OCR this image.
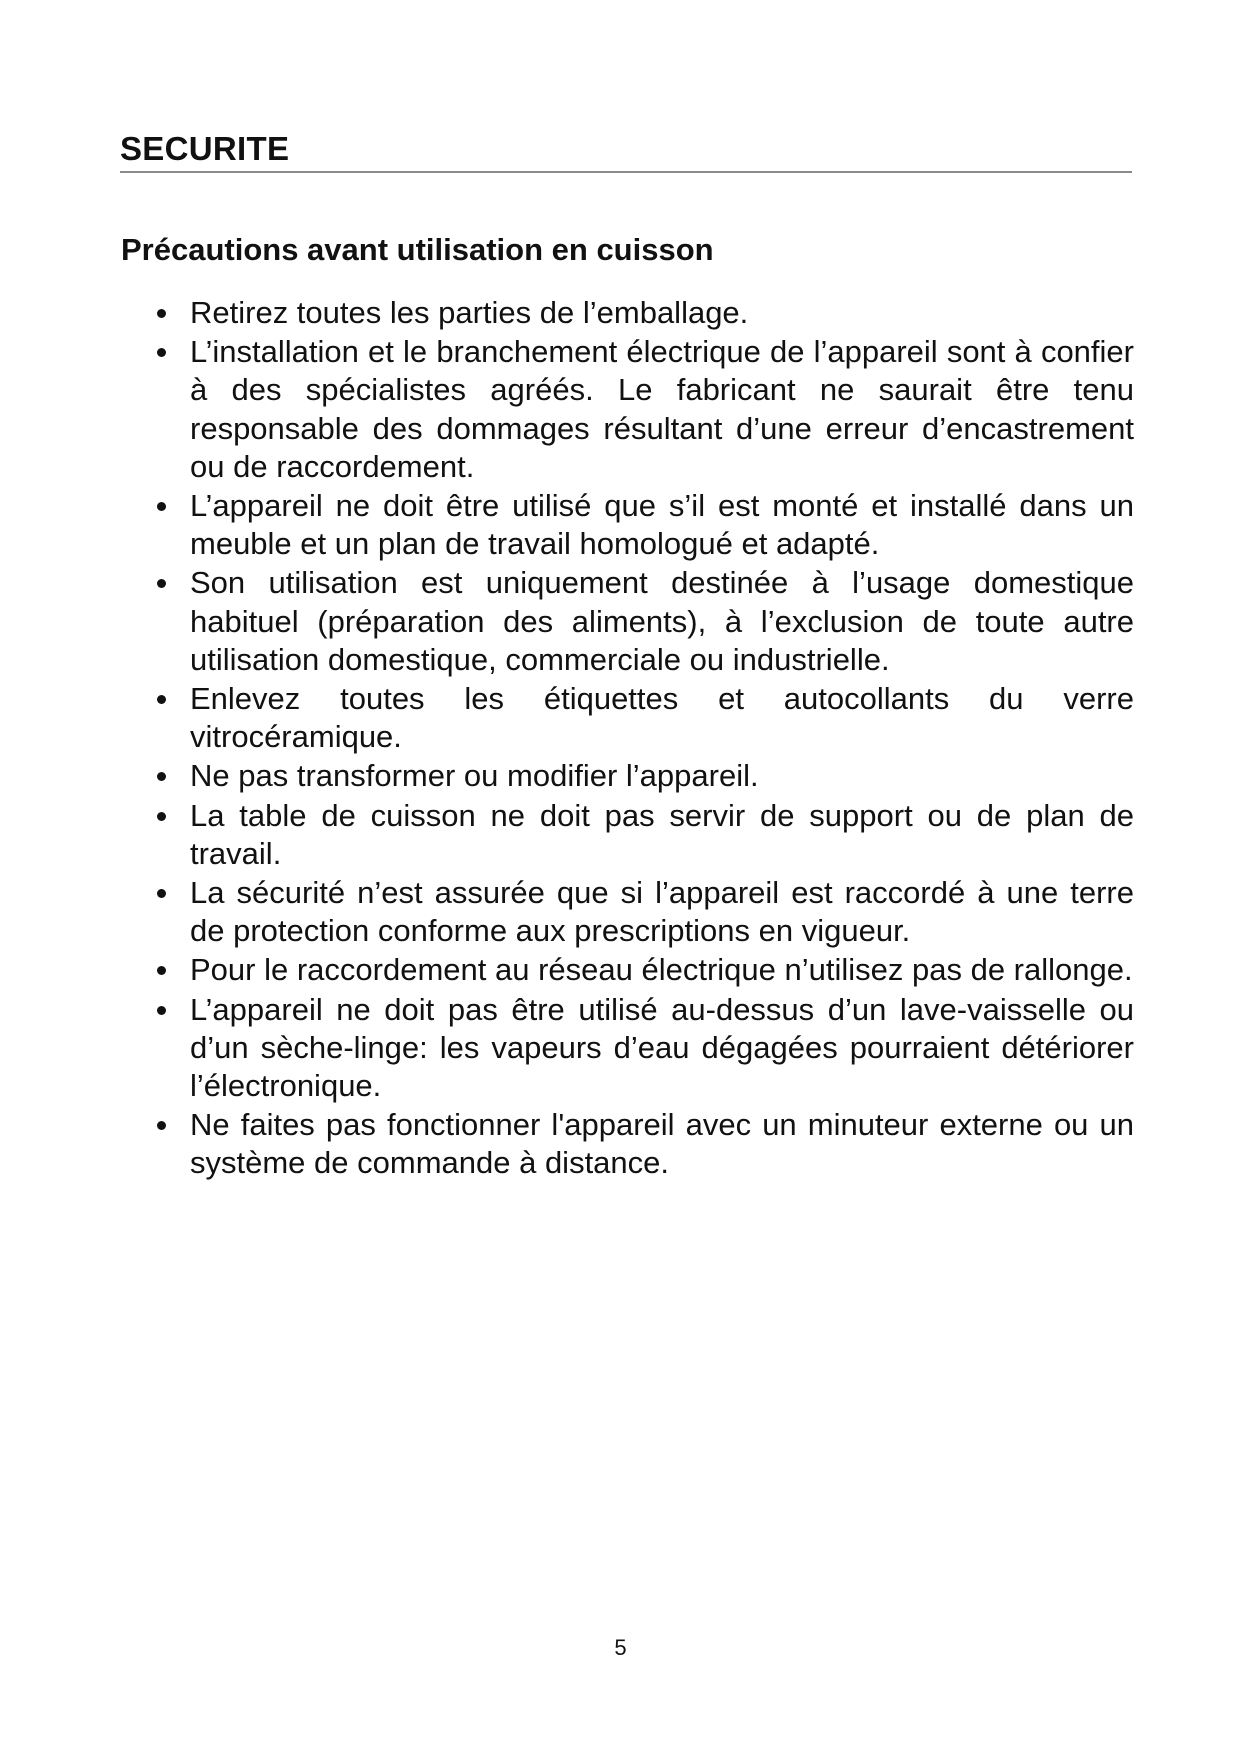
SECURITE
Précautions avant utilisation en cuisson
Retirez toutes les parties de l’emballage.
L’installation et le branchement électrique de l’appareil sont à confier à des spécialistes agréés. Le fabricant ne saurait être tenu responsable des dommages résultant d’une erreur d’encastrement ou de raccordement.
L’appareil ne doit être utilisé que s’il est monté et installé dans un meuble et un plan de travail homologué et adapté.
Son utilisation est uniquement destinée à l’usage domestique habituel (préparation des aliments), à l’exclusion de toute autre utilisation domestique, commerciale ou industrielle.
Enlevez toutes les étiquettes et autocollants du verre vitrocéramique.
Ne pas transformer ou modifier l’appareil.
La table de cuisson ne doit pas servir de support ou de plan de travail.
La sécurité n’est assurée que si l’appareil est raccordé à une terre de protection conforme aux prescriptions en vigueur.
Pour le raccordement au réseau électrique n’utilisez pas de rallonge.
L’appareil ne doit pas être utilisé au-dessus d’un lave-vaisselle ou d’un sèche-linge: les vapeurs d’eau dégagées pourraient détériorer l’électronique.
Ne faites pas fonctionner l'appareil avec un minuteur externe ou un système de commande à distance.
5
